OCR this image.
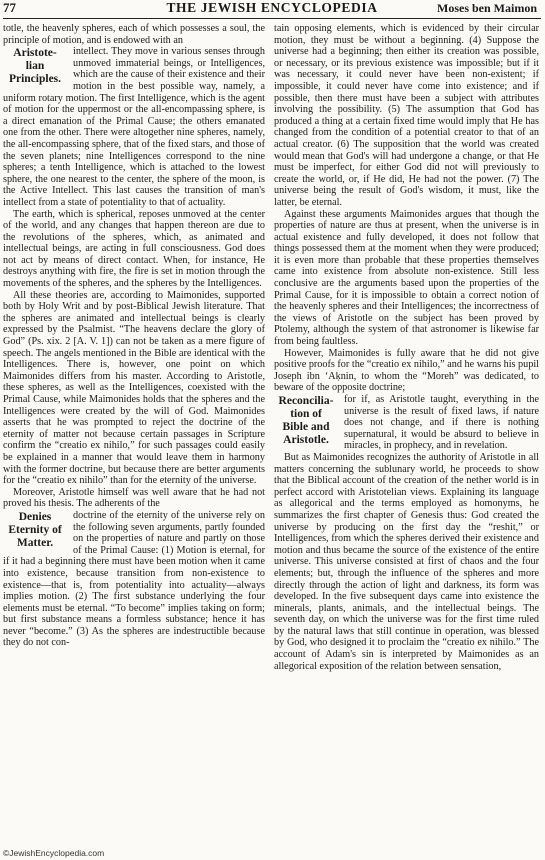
77	THE JEWISH ENCYCLOPEDIA	Moses ben Maimon

totle, the heavenly spheres, each of which possesses a soul, the principle of motion, and is endowed with an

Aristote-
lian
Principles.

intellect. They move in various senses through unmoved immaterial beings, or Intelligences, which are the cause of their existence and their motion in the best possible way, namely, a uniform rotary motion. The first Intelligence, which is the agent of motion for the uppermost or the all-encompassing sphere, is a direct emanation of the Primal Cause; the others emanated one from the other. There were altogether nine spheres, namely, the all-encompassing sphere, that of the fixed stars, and those of the seven planets; nine Intelligences correspond to the nine spheres; a tenth Intelligence, which is attached to the lowest sphere, the one nearest to the center, the sphere of the moon, is the Active Intellect. This last causes the transition of man's intellect from a state of potentiality to that of actuality.

The earth, which is spherical, reposes unmoved at the center of the world, and any changes that happen thereon are due to the revolutions of the spheres, which, as animated and intellectual beings, are acting in full consciousness. God does not act by means of direct contact. When, for instance, He destroys anything with fire, the fire is set in motion through the movements of the spheres, and the spheres by the Intelligences.

All these theories are, according to Maimonides, supported both by Holy Writ and by post-Biblical Jewish literature. That the spheres are animated and intellectual beings is clearly expressed by the Psalmist. “The heavens declare the glory of God” (Ps. xix. 2 [A. V. 1]) can not be taken as a mere figure of speech. The angels mentioned in the Bible are identical with the Intelligences. There is, however, one point on which Maimonides differs from his master. According to Aristotle, these spheres, as well as the Intelligences, coexisted with the Primal Cause, while Maimonides holds that the spheres and the Intelligences were created by the will of God. Maimonides asserts that he was prompted to reject the doctrine of the eternity of matter not because certain passages in Scripture confirm the “creatio ex nihilo,” for such passages could easily be explained in a manner that would leave them in harmony with the former doctrine, but because there are better arguments for the “creatio ex nihilo” than for the eternity of the universe.

Moreover, Aristotle himself was well aware that he had not proved his thesis. The adherents of the

Denies
Eternity of
Matter.

doctrine of the eternity of the universe rely on the following seven arguments, partly founded on the properties of nature and partly on those of the Primal Cause: (1) Motion is eternal, for if it had a beginning there must have been motion when it came into existence, because transition from non-existence to existence—that is, from potentiality into actuality—always implies motion. (2) The first substance underlying the four elements must be eternal. “To become” implies taking on form; but first substance means a formless substance; hence it has never “become.” (3) As the spheres are indestructible because they do not con-

tain opposing elements, which is evidenced by their circular motion, they must be without a beginning. (4) Suppose the universe had a beginning; then either its creation was possible, or necessary, or its previous existence was impossible; but if it was necessary, it could never have been non-existent; if impossible, it could never have come into existence; and if possible, then there must have been a subject with attributes involving the possibility. (5) The assumption that God has produced a thing at a certain fixed time would imply that He has changed from the condition of a potential creator to that of an actual creator. (6) The supposition that the world was created would mean that God's will had undergone a change, or that He must be imperfect, for either God did not will previously to create the world, or, if He did, He had not the power. (7) The universe being the result of God's wisdom, it must, like the latter, be eternal.

Against these arguments Maimonides argues that though the properties of nature are thus at present, when the universe is in actual existence and fully developed, it does not follow that things possessed them at the moment when they were produced; it is even more than probable that these properties themselves came into existence from absolute non-existence. Still less conclusive are the arguments based upon the properties of the Primal Cause, for it is impossible to obtain a correct notion of the heavenly spheres and their Intelligences; the incorrectness of the views of Aristotle on the subject has been proved by Ptolemy, although the system of that astronomer is likewise far from being faultless.

However, Maimonides is fully aware that he did not give positive proofs for the “creatio ex nihilo,” and he warns his pupil Joseph ibn ‘Aḳnin, to whom the “Moreh” was dedicated, to beware of the opposite doctrine;

Reconcilia-
tion of
Bible and
Aristotle.

for if, as Aristotle taught, everything in the universe is the result of fixed laws, if nature does not change, and if there is nothing supernatural, it would be absurd to believe in miracles, in prophecy, and in revelation.

But as Maimonides recognizes the authority of Aristotle in all matters concerning the sublunary world, he proceeds to show that the Biblical account of the creation of the nether world is in perfect accord with Aristotelian views. Explaining its language as allegorical and the terms employed as homonyms, he summarizes the first chapter of Genesis thus: God created the universe by producing on the first day the “reshit,” or Intelligences, from which the spheres derived their existence and motion and thus became the source of the existence of the entire universe. This universe consisted at first of chaos and the four elements; but, through the influence of the spheres and more directly through the action of light and darkness, its form was developed. In the five subsequent days came into existence the minerals, plants, animals, and the intellectual beings. The seventh day, on which the universe was for the first time ruled by the natural laws that still continue in operation, was blessed by God, who designed it to proclaim the “creatio ex nihilo.” The account of Adam's sin is interpreted by Maimonides as an allegorical exposition of the relation between sensation,

©JewishEncyclopedia.com
